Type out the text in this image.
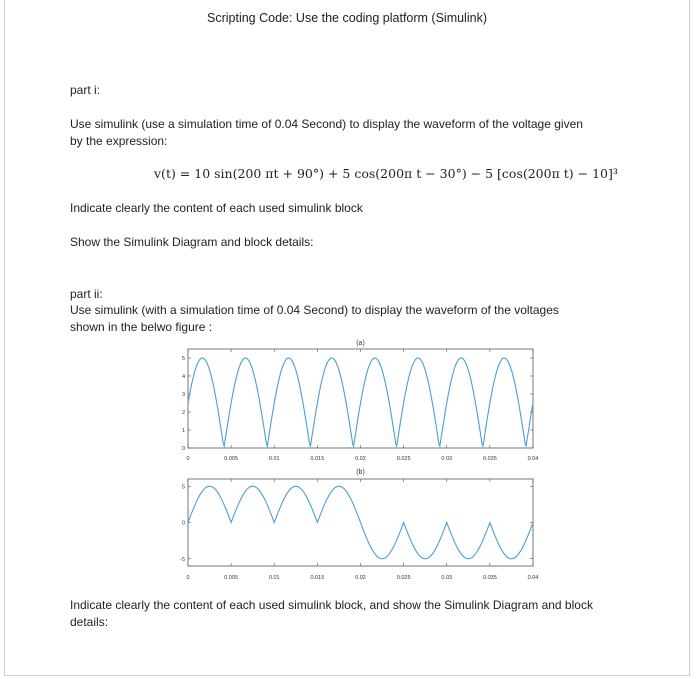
Scripting Code: Use the coding platform (Simulink)
part i:
Use simulink (use a simulation time of 0.04 Second) to display the waveform of the voltage given
by the expression:
v(t) = 10 sin(200 πt + 90°) + 5 cos(200π t − 30°) − 5 [cos(200π t) − 10]³
Indicate clearly the content of each used simulink block
Show the Simulink Diagram and block details:
part ii:
Use simulink (with a simulation time of 0.04 Second) to display the waveform of the voltages
shown in the belwo figure :
(a)
0	0.005	0.01	0.015	0.02	0.025	0.03	0.035	0.04
0
1
2
3
4
5
(b)
0	0.005	0.01	0.015	0.02	0.025	0.03	0.035	0.04
-5
0
5
Indicate clearly the content of each used simulink block, and show the Simulink Diagram and block
details:
